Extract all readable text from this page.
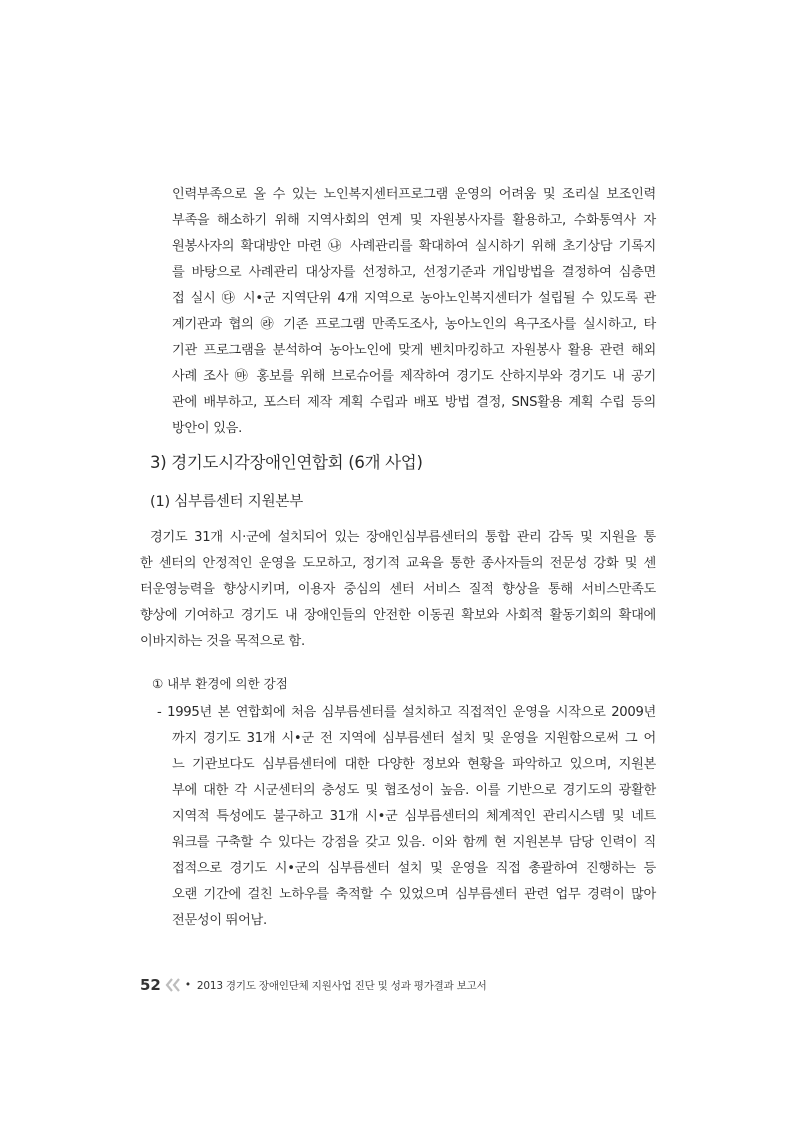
인력부족으로 올 수 있는 노인복지센터프로그램 운영의 어려움 및 조리실 보조인력
부족을 해소하기 위해 지역사회의 연계 및 자원봉사자를 활용하고, 수화통역사 자
원봉사자의 확대방안 마련 ㉯ 사례관리를 확대하여 실시하기 위해 초기상담 기록지
를 바탕으로 사례관리 대상자를 선정하고, 선정기준과 개입방법을 결정하여 심층면
접 실시 ㉰ 시•군 지역단위 4개 지역으로 농아노인복지센터가 설립될 수 있도록 관
계기관과 협의 ㉱ 기존 프로그램 만족도조사, 농아노인의 욕구조사를 실시하고, 타
기관 프로그램을 분석하여 농아노인에 맞게 벤치마킹하고 자원봉사 활용 관련 해외
사례 조사 ㉲ 홍보를 위해 브로슈어를 제작하여 경기도 산하지부와 경기도 내 공기
관에 배부하고, 포스터 제작 계획 수립과 배포 방법 결정, SNS활용 계획 수립 등의
방안이 있음.
3) 경기도시각장애인연합회 (6개 사업)
(1) 심부름센터 지원본부
경기도 31개 시·군에 설치되어 있는 장애인심부름센터의 통합 관리 감독 및 지원을 통
한 센터의 안정적인 운영을 도모하고, 정기적 교육을 통한 종사자들의 전문성 강화 및 센
터운영능력을 향상시키며, 이용자 중심의 센터 서비스 질적 향상을 통해 서비스만족도
향상에 기여하고 경기도 내 장애인들의 안전한 이동권 확보와 사회적 활동기회의 확대에
이바지하는 것을 목적으로 함.
① 내부 환경에 의한 강점
- 1995년 본 연합회에 처음 심부름센터를 설치하고 직접적인 운영을 시작으로 2009년
까지 경기도 31개 시•군 전 지역에 심부름센터 설치 및 운영을 지원함으로써 그 어
느 기관보다도 심부름센터에 대한 다양한 정보와 현황을 파악하고 있으며, 지원본
부에 대한 각 시군센터의 충성도 및 협조성이 높음. 이를 기반으로 경기도의 광활한
지역적 특성에도 불구하고 31개 시•군 심부름센터의 체계적인 관리시스템 및 네트
워크를 구축할 수 있다는 강점을 갖고 있음. 이와 함께 현 지원본부 담당 인력이 직
접적으로 경기도 시•군의 심부름센터 설치 및 운영을 직접 총괄하여 진행하는 등
오랜 기간에 걸친 노하우를 축적할 수 있었으며 심부름센터 관련 업무 경력이 많아
전문성이 뛰어남.
52 • 2013 경기도 장애인단체 지원사업 진단 및 성과 평가결과 보고서
